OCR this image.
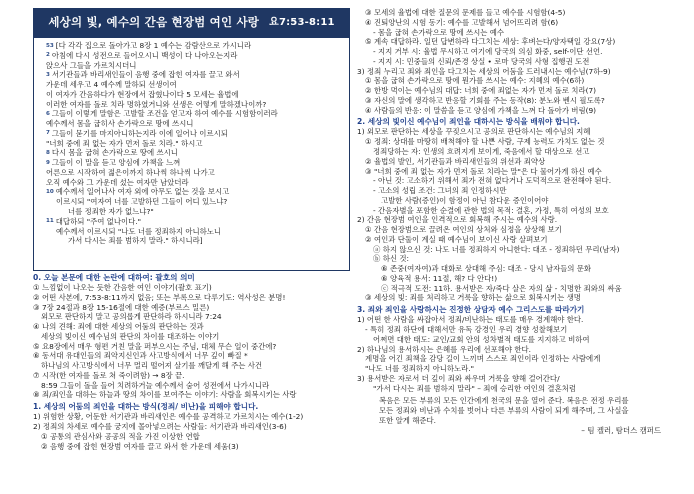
세상의 빛, 예수의 간음 현장범 여인 사랑 요7:53-8:11

$^{53}$ [다 각각 집으로 돌아가고 8장 1 예수는 감람산으로 가시니라

$^2$ 아침에 다시 성전으로 들어오시니 백성이 다 나아오는지라

앉으사 그들을 가르치시더니

$^3$ 서기관들과 바리새인들이 음행 중에 잡힌 여자를 끌고 와서

가운데 세우고 4 예수께 말하되 선생이여

이 여자가 간음하다가 현장에서 잡혔나이다 5 모세는 율법에

이러한 여자를 돌로 치라 명하였거니와 선생은 어떻게 말하겠나이까?

$^6$ 그들이 이렇게 말함은 고발할 조건을 얻고자 하여 예수를 시험함이러라

예수께서 몸을 굽히사 손가락으로 땅에 쓰시니

$^7$ 그들이 묻기를 마지아니하는지라 이에 일어나 이르시되

"너희 중에 죄 없는 자가 먼저 돌로 치라." 하시고

$^8$ 다시 몸을 굽혀 손가락으로 땅에 쓰시니

$^9$ 그들이 이 말을 듣고 양심에 가책을 느껴

어른으로 시작하여 젊은이까지 하나씩 하나씩 나가고

오직 예수와 그 가운데 섰는 여자만 남았더라

$^{10}$ 예수께서 일어나사 여자 외에 아무도 없는 것을 보시고

이르시되 "여자여 너를 고발하던 그들이 어디 있느냐?

너를 정죄한 자가 없느냐?"

$^{11}$ 대답하되 "주여 없나이다."

예수께서 이르시되 "나도 너를 정죄하지 아니하노니

가서 다시는 죄를 범하지 말라." 하시니라]

0. 오늘 본문에 대한 논란에 대하여: 괄호의 의미

① 느낌없이 나오는 듯한 간음한 여인 이야기(괄호 표기)

② 어떤 사본에, 7:53-8:11까지 없음; 또는 부록으로 다루기도: 역사성은 분명!

③ 7장 24절과 8장 15-16절에 대한 예증(부르스 밀른)

외모로 판단하지 말고 공의롭게 판단하라 하시니라 7:24

④ 나의 견해: 죄에 대한 세상의 어둠의 판단하는 것과

세상의 빛이신 예수님의 판단의 차이를 대조하는 이야기

⑤ 요8장에서 매우 형편 거친 말을 퍼부으시는 주님, 대체 무슨 일이 중간에?

⑥ 동서대 유대인들의 죄악지신인과 사고방식에서 너무 깊이 빠질 *

하나님의 사고방식에서 너무 멀리 떨어져 살기를 깨달게 해 주는 사건

⑦ 시작(한 여자를 돌로 쳐 죽이려함) → 8장 끝.

8:59 그들이 돌을 들어 치려하거늘 예수께서 숨어 성전에서 나가시니라

⑧ 죄/죄인을 대하는 하늘과 땅의 차이를 보여주는 이야기: 사람을 회복시키는 사랑

1. 세상의 어둠의 죄인을 대하는 방식(정죄/ 비난)을 피해야 합니다.

1) 위험한 상황, 어둔한 서기관과 바리새인은 예수를 공격하고 가르치시는 예수(1-2)

2) 정죄의 차세로 예수를 궁지에 몰아넣으려는 사람들: 서기관과 바리새인(3-6)

① 공통의 관심사와 공공의 적을 가진 이상한 연합

② 음행 중에 잡힌 현장범 여자를 끌고 와서 한 가운데 세움(3)

③ 모세의 율법에 대한 질문의 문제를 들고 예수를 시험함(4-5)

④ 진퇴양난의 시험 동기: 예수를 고발해서 넘어뜨리려 함(6)

- 몸을 굽혀 손가락으로 땅에 쓰시는 예수

⑤ 계속 대답하라. 일던 답변하라 다그치는 세상: 후벼는다/양자택일 강요(7상)

- 지지 거부 시: 율법 무시하고 여기에 당국의 의심 화중, self-이단 선언.

- 지지 시: 민중들의 신뢰/존경 상실 • 로마 당국의 사형 집행권 도전

3) 정죄 누리고 죄와 죄인을 다그치는 세상의 어둠을 드러내시는 예수님(7하-9)

① 몸을 굽혀 손가락으로 땅에 뭔가를 쓰시는 예수: 지혜의 예수(6하)

② 한방 먹이는 예수님의 대답: 너희 중에 죄없는 자가 먼저 돌로 치라(7)

③ 자신의 말에 생각하고 반응할 기회를 주는 동작(8): 분노와 벤시 필도록?

④ 사람들의 반응: 이 말씀을 듣고 양심에 가책을 느껴 다 돌아가 버림(9)

2. 세상의 빛이신 예수님이 죄인을 대하시는 방식을 배워야 합니다.

1) 외모로 판단하는 세상을 꾸짖으시고 공의로 판단하시는 예수님의 지혜

① 정죄: 상대를 마땅히 배척해야 할 나쁜 사람, 구제 능력도 가치도 없는 것

정죄당하는 자: 인생의 흐려지게 보이게, 죽음에서 할 대상으로 선고

② 율법의 발인, 서기관들과 바리새인들의 위선과 죄약상

③ "너희 중에 죄 없는 자가 먼저 돌로 치라는 말"은 다 물어가게 하신 예수

- 아닌 것: 고소하기 위해서 죄가 전혀 없다거나 도덕적으로 완전해야 된다.

- 고소의 성립 조건: 그녀의 죄 인정하시만

고발한 사람(증인)이 함정이 아닌 참다운 증인이어야

- 간음자별을 포함한 순결에 관한 법의 목적: 결혼, 가정, 특히 여성의 보호

2) 간음 현장범 여인을 인격적으로 회복해 주시는 예수의 사랑.

① 간음 현장범으로 끌려온 여인의 상처와 심정을 상상해 보기

② 여인과 단둘이 계실 때 예수님이 보이신 사랑 살펴보기

ⓐ 하지 않으신 것: 나도 너를 정죄하지 아니한다: 대조 - 정죄하던 무리(남자)

ⓑ 하신 것:

⑥ 존중(여자여)과 대화로 상대해 주심: 대조 - 당시 남자들의 문화

⑥ 양육적 용서: 11절, 해? 다 안다!)

ⓒ 적극적 도전: 11하. 용서받은 자/죽다 살은 자의 삶 - 치명한 죄와의 싸움

③ 세상의 빛: 죄를 처리하고 거룩을 향하는 삶으로 회복시키는 생명

3. 죄와 죄인을 사랑하시는 진정한 상담자 예수 그리스도를 따라가기

1) 어떤 한 사람을 싸잡아서 정죄/비난하는 태도를 매우 경계해야 한다.

- 특히 정죄 하단에 대해서만 유독 강경인 우리 경향 성찰해보기

어쩌면 대한 태도: 교인/교회 안의 성차별적 태도를 지지하고 비하여

2) 하나님의 용서하시는 은혜를 우리에 선포해야 한다.

계명을 어긴 죄책을 감당 길이 느끼며 스스로 죄인이라 인정하는 사람에게

"나도 너를 정죄하지 아니하노라."

3) 용서받은 자로서 더 깊이 죄와 싸우며 거룩을 향해 걸어간다/

"가서 다시는 죄를 범하지 말라" – 죄에 승리한 여인의 결혼처럼

복음은 모든 부류의 모든 인간에게 천국의 문을 열어 준다. 복음은 전정 우리를

모든 정죄와 비난과 수치를 벗어나 다른 부류의 사람이 되게 해주며, 그 사실을

또한 알게 해준다.

– 팀 켈러, 탐더스 캠퍼드
